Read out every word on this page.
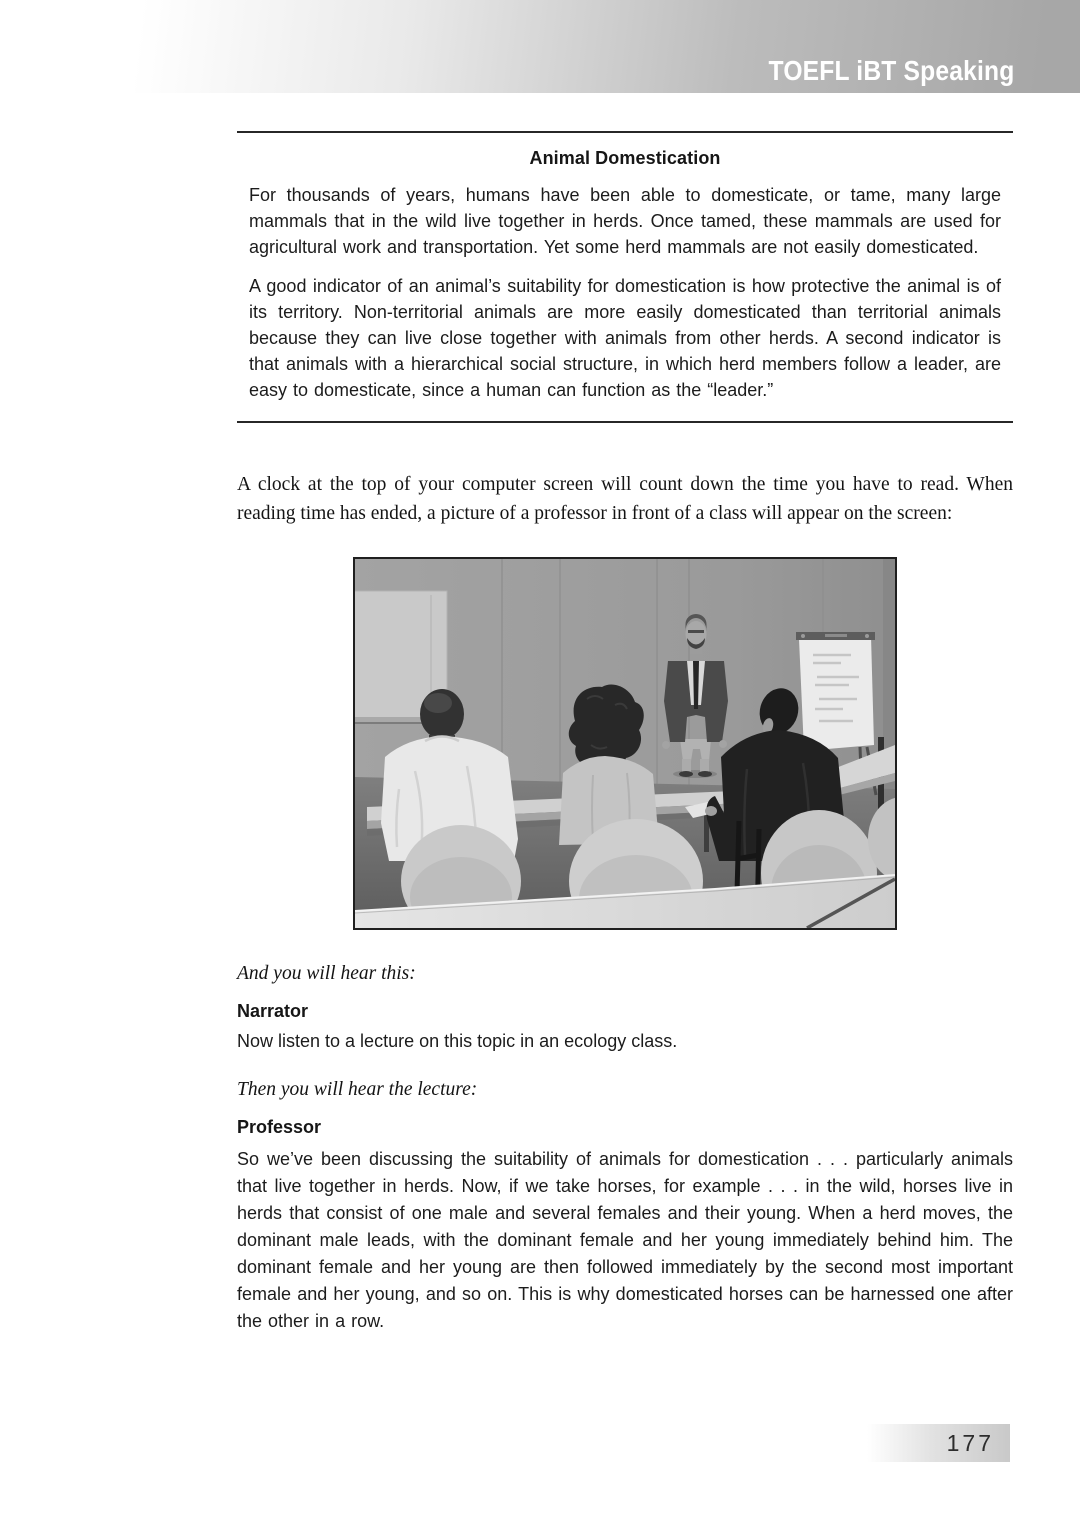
TOEFL iBT Speaking
Animal Domestication

For thousands of years, humans have been able to domesticate, or tame, many large mammals that in the wild live together in herds. Once tamed, these mammals are used for agricultural work and transportation. Yet some herd mammals are not easily domesticated.

A good indicator of an animal’s suitability for domestication is how protective the animal is of its territory. Non-territorial animals are more easily domesticated than territorial animals because they can live close together with animals from other herds. A second indicator is that animals with a hierarchical social structure, in which herd members follow a leader, are easy to domesticate, since a human can function as the “leader.”

A clock at the top of your computer screen will count down the time you have to read. When reading time has ended, a picture of a professor in front of a class will appear on the screen:

And you will hear this:

Narrator

Now listen to a lecture on this topic in an ecology class.

Then you will hear the lecture:

Professor

So we’ve been discussing the suitability of animals for domestication . . . particularly animals that live together in herds. Now, if we take horses, for example . . . in the wild, horses live in herds that consist of one male and several females and their young. When a herd moves, the dominant male leads, with the dominant female and her young immediately behind him. The dominant female and her young are then followed immediately by the second most important female and her young, and so on. This is why domesticated horses can be harnessed one after the other in a row.

177
